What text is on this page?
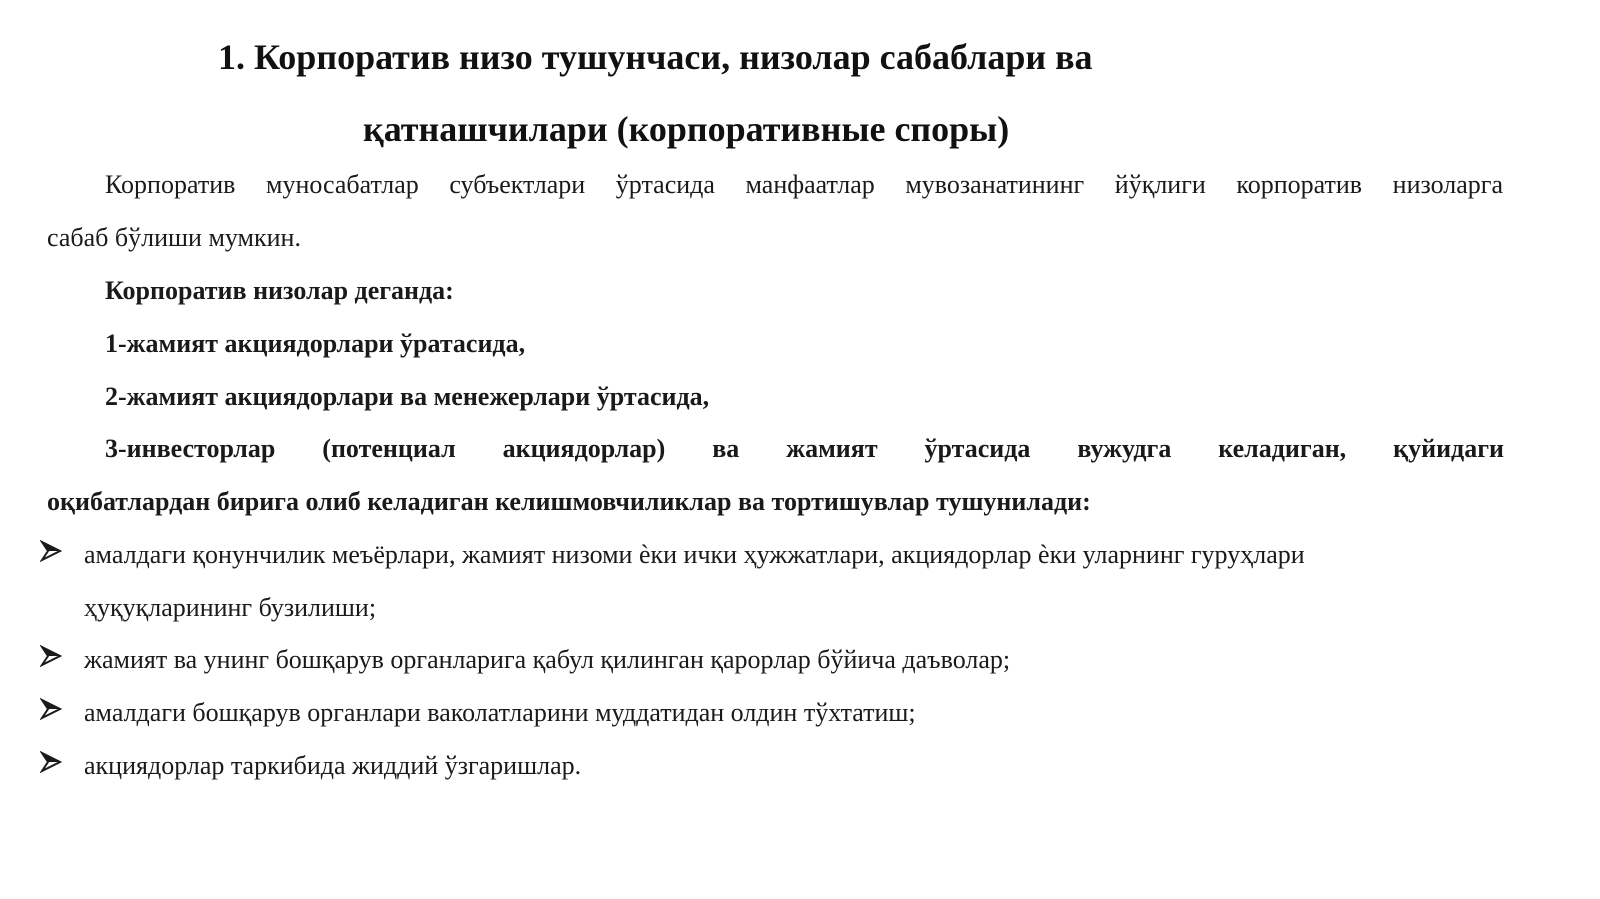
1. Корпоратив низо тушунчаси, низолар сабаблари ва
қатнашчилари (корпоративные споры)
Корпоратив муносабатлар субъектлари ўртасида манфаатлар мувозанатининг йўқлиги корпоратив низоларга
сабаб бўлиши мумкин.
Корпоратив низолар деганда:
1-жамият акциядорлари ўратасида,
2-жамият акциядорлари ва менежерлари ўртасида,
3-инвесторлар (потенциал акциядорлар) ва жамият ўртасида вужудга келадиган, қуйидаги
оқибатлардан бирига олиб келадиган келишмовчиликлар ва тортишувлар тушунилади:
амалдаги қонунчилик меъёрлари, жамият низоми ѐки ички ҳужжатлари, акциядорлар ѐки уларнинг гуруҳлари
ҳуқуқларининг бузилиши;
жамият ва унинг бошқарув органларига қабул қилинган қарорлар бўйича даъволар;
амалдаги бошқарув органлари ваколатларини муддатидан олдин тўхтатиш;
акциядорлар таркибида жиддий ўзгаришлар.
